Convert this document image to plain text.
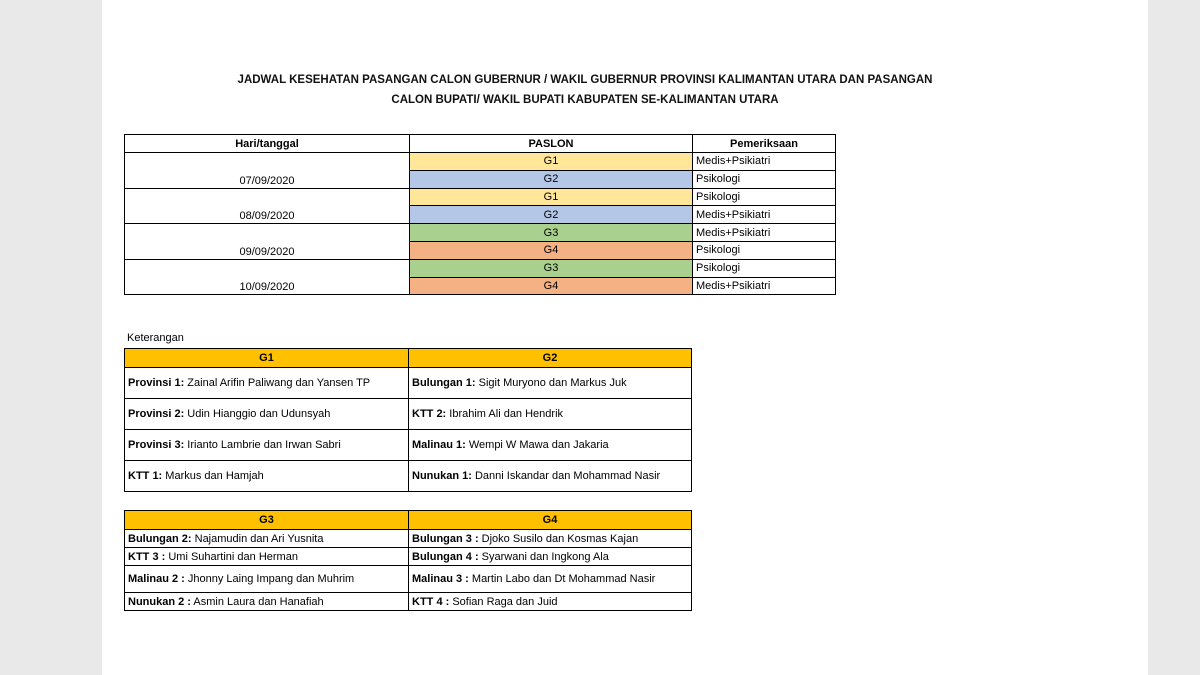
JADWAL KESEHATAN PASANGAN CALON GUBERNUR / WAKIL GUBERNUR PROVINSI KALIMANTAN UTARA DAN PASANGAN
CALON BUPATI/ WAKIL BUPATI KABUPATEN SE-KALIMANTAN UTARA
Hari/tanggal	PASLON	Pemeriksaan
07/09/2020	G1	Medis+Psikiatri
	G2	Psikologi
08/09/2020	G1	Psikologi
	G2	Medis+Psikiatri
09/09/2020	G3	Medis+Psikiatri
	G4	Psikologi
10/09/2020	G3	Psikologi
	G4	Medis+Psikiatri
Keterangan
G1	G2
Provinsi 1: Zainal Arifin Paliwang dan Yansen TP	Bulungan 1: Sigit Muryono dan Markus Juk
Provinsi 2: Udin Hianggio dan Udunsyah	KTT 2: Ibrahim Ali dan Hendrik
Provinsi 3: Irianto Lambrie dan Irwan Sabri	Malinau 1: Wempi W Mawa dan Jakaria
KTT 1: Markus dan Hamjah	Nunukan 1: Danni Iskandar dan Mohammad Nasir
G3	G4
Bulungan 2: Najamudin dan Ari Yusnita	Bulungan 3 : Djoko Susilo dan Kosmas Kajan
KTT 3 : Umi Suhartini dan Herman	Bulungan 4 : Syarwani dan Ingkong Ala
Malinau 2 : Jhonny Laing Impang dan Muhrim	Malinau 3 : Martin Labo dan Dt Mohammad Nasir
Nunukan 2 : Asmin Laura dan Hanafiah	KTT 4 : Sofian Raga dan Juid
